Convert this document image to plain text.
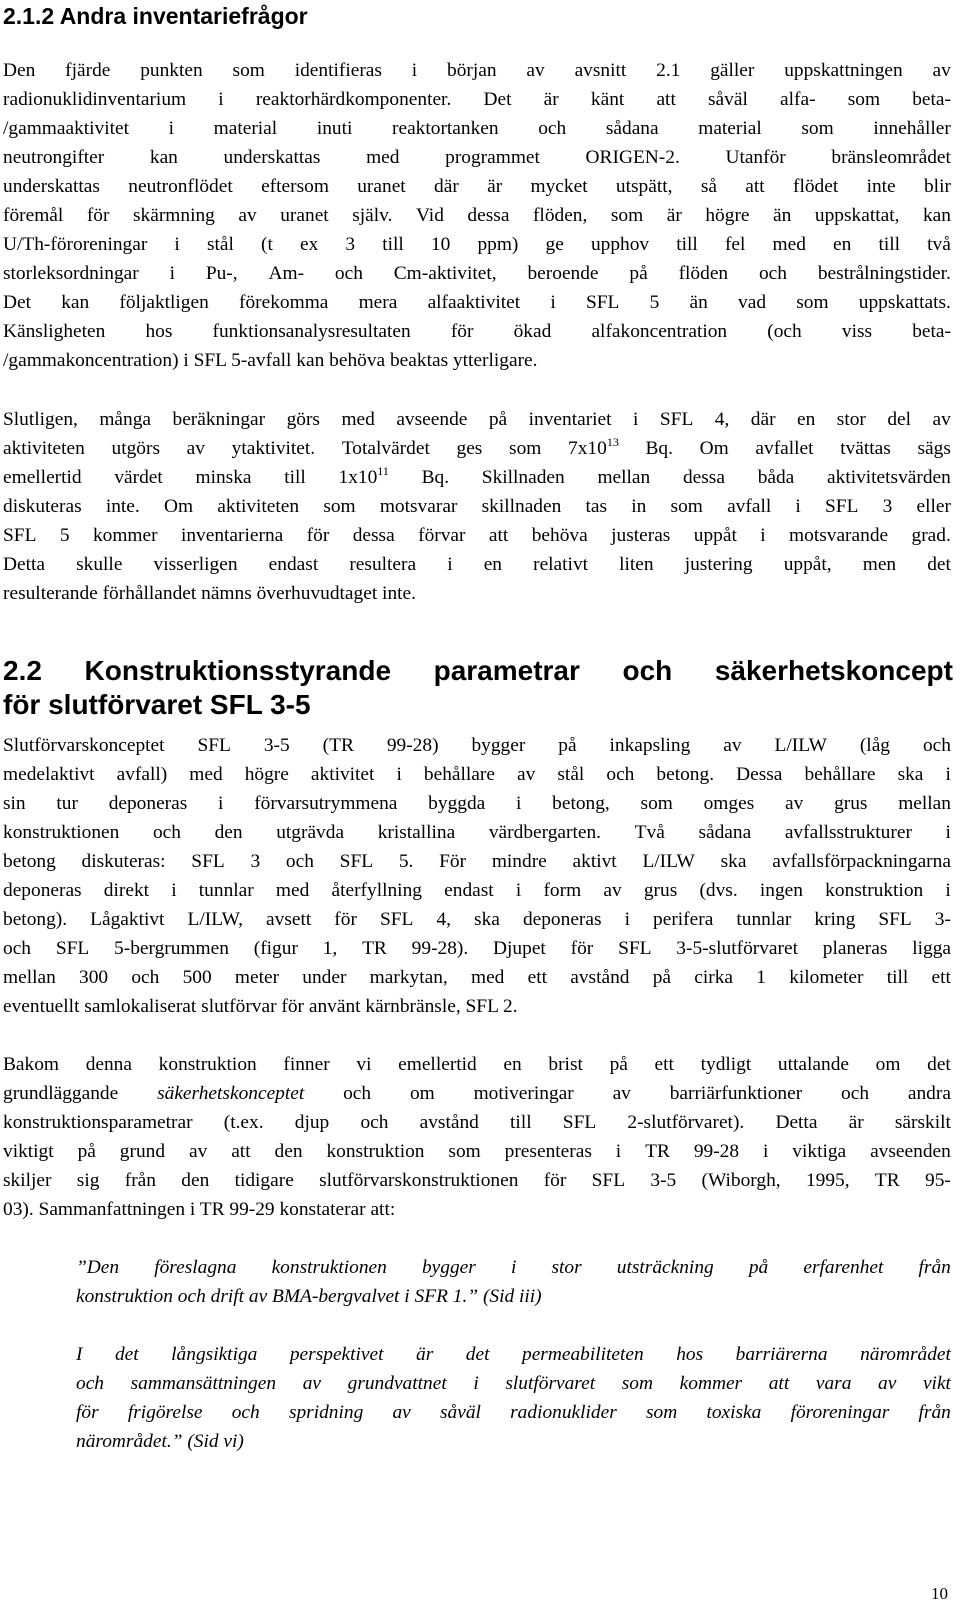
2.1.2 Andra inventariefrågor
Den fjärde punkten som identifieras i början av avsnitt 2.1 gäller uppskattningen av
radionuklidinventarium i reaktorhärdkomponenter. Det är känt att såväl alfa- som beta-
/gammaaktivitet i material inuti reaktortanken och sådana material som innehåller
neutrongifter kan underskattas med programmet ORIGEN-2. Utanför bränsleområdet
underskattas neutronflödet eftersom uranet där är mycket utspätt, så att flödet inte blir
föremål för skärmning av uranet själv. Vid dessa flöden, som är högre än uppskattat, kan
U/Th-föroreningar i stål (t ex 3 till 10 ppm) ge upphov till fel med en till två
storleksordningar i Pu-, Am- och Cm-aktivitet, beroende på flöden och bestrålningstider.
Det kan följaktligen förekomma mera alfaaktivitet i SFL 5 än vad som uppskattats.
Känsligheten hos funktionsanalysresultaten för ökad alfakoncentration (och viss beta-
/gammakoncentration) i SFL 5-avfall kan behöva beaktas ytterligare.
Slutligen, många beräkningar görs med avseende på inventariet i SFL 4, där en stor del av
aktiviteten utgörs av ytaktivitet. Totalvärdet ges som $7x10^{13}$ Bq. Om avfallet tvättas sägs
emellertid värdet minska till $1x10^{11}$ Bq. Skillnaden mellan dessa båda aktivitetsvärden
diskuteras inte. Om aktiviteten som motsvarar skillnaden tas in som avfall i SFL 3 eller
SFL 5 kommer inventarierna för dessa förvar att behöva justeras uppåt i motsvarande grad.
Detta skulle visserligen endast resultera i en relativt liten justering uppåt, men det
resulterande förhållandet nämns överhuvudtaget inte.
2.2 Konstruktionsstyrande parametrar och säkerhetskoncept
för slutförvaret SFL 3-5
Slutförvarskonceptet SFL 3-5 (TR 99-28) bygger på inkapsling av L/ILW (låg och
medelaktivt avfall) med högre aktivitet i behållare av stål och betong. Dessa behållare ska i
sin tur deponeras i förvarsutrymmena byggda i betong, som omges av grus mellan
konstruktionen och den utgrävda kristallina värdbergarten. Två sådana avfallsstrukturer i
betong diskuteras: SFL 3 och SFL 5. För mindre aktivt L/ILW ska avfallsförpackningarna
deponeras direkt i tunnlar med återfyllning endast i form av grus (dvs. ingen konstruktion i
betong). Lågaktivt L/ILW, avsett för SFL 4, ska deponeras i perifera tunnlar kring SFL 3-
och SFL 5-bergrummen (figur 1, TR 99-28). Djupet för SFL 3-5-slutförvaret planeras ligga
mellan 300 och 500 meter under markytan, med ett avstånd på cirka 1 kilometer till ett
eventuellt samlokaliserat slutförvar för använt kärnbränsle, SFL 2.
Bakom denna konstruktion finner vi emellertid en brist på ett tydligt uttalande om det
grundläggande säkerhetskonceptet och om motiveringar av barriärfunktioner och andra
konstruktionsparametrar (t.ex. djup och avstånd till SFL 2-slutförvaret). Detta är särskilt
viktigt på grund av att den konstruktion som presenteras i TR 99-28 i viktiga avseenden
skiljer sig från den tidigare slutförvarskonstruktionen för SFL 3-5 (Wiborgh, 1995, TR 95-
03). Sammanfattningen i TR 99-29 konstaterar att:
”Den föreslagna konstruktionen bygger i stor utsträckning på erfarenhet från
konstruktion och drift av BMA-bergvalvet i SFR 1.” (Sid iii)
I det långsiktiga perspektivet är det permeabiliteten hos barriärerna närområdet
och sammansättningen av grundvattnet i slutförvaret som kommer att vara av vikt
för frigörelse och spridning av såväl radionuklider som toxiska föroreningar från
närområdet.” (Sid vi)
10
